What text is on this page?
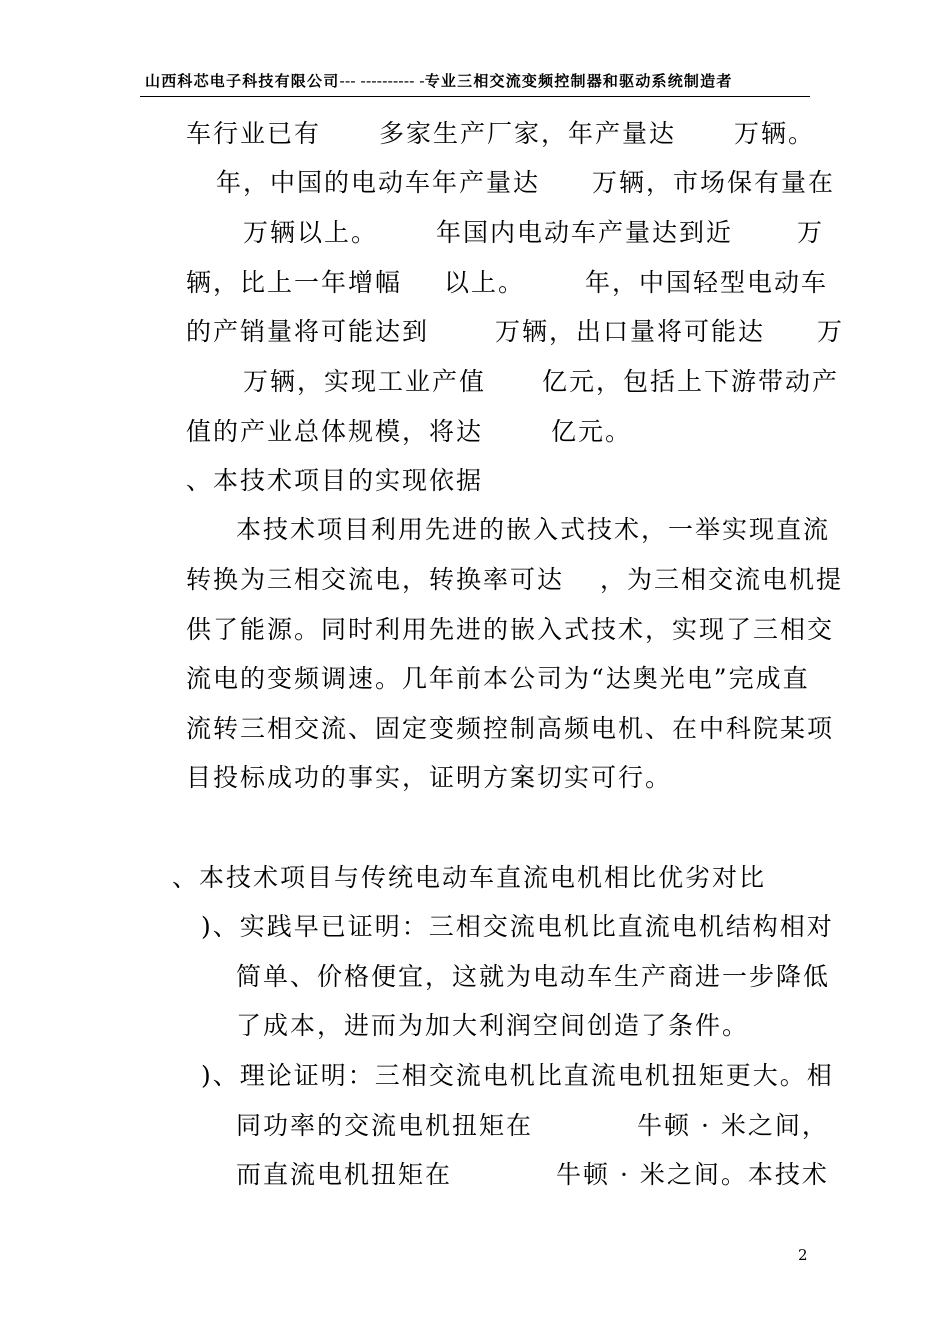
山西科芯电子科技有限公司--- ---------- -专业三相交流变频控制器和驱动系统制造者
车行业已有 多家生产厂家，年产量达 万辆。
年，中国的电动车年产量达 万辆，市场保有量在
万辆以上。 年国内电动车产量达到近	万
辆，比上一年增幅 以上。 年，中国轻型电动车
的产销量将可能达到	万辆，出口量将可能达 万
万辆，实现工业产值 亿元，包括上下游带动产
值的产业总体规模，将达	亿元。
、本技术项目的实现依据
本技术项目利用先进的嵌入式技术，一举实现直流
转换为三相交流电，转换率可达 ，为三相交流电机提
供了能源。同时利用先进的嵌入式技术，实现了三相交
流电的变频调速。几年前本公司为“达奥光电”完成直
流转三相交流、固定变频控制高频电机、在中科院某项
目投标成功的事实，证明方案切实可行。
、本技术项目与传统电动车直流电机相比优劣对比
)、实践早已证明：三相交流电机比直流电机结构相对
简单、价格便宜，这就为电动车生产商进一步降低
了成本，进而为加大利润空间创造了条件。
)、理论证明：三相交流电机比直流电机扭矩更大。相
同功率的交流电机扭矩在	牛顿 · 米之间，
而直流电机扭矩在	牛顿 · 米之间。本技术
2
